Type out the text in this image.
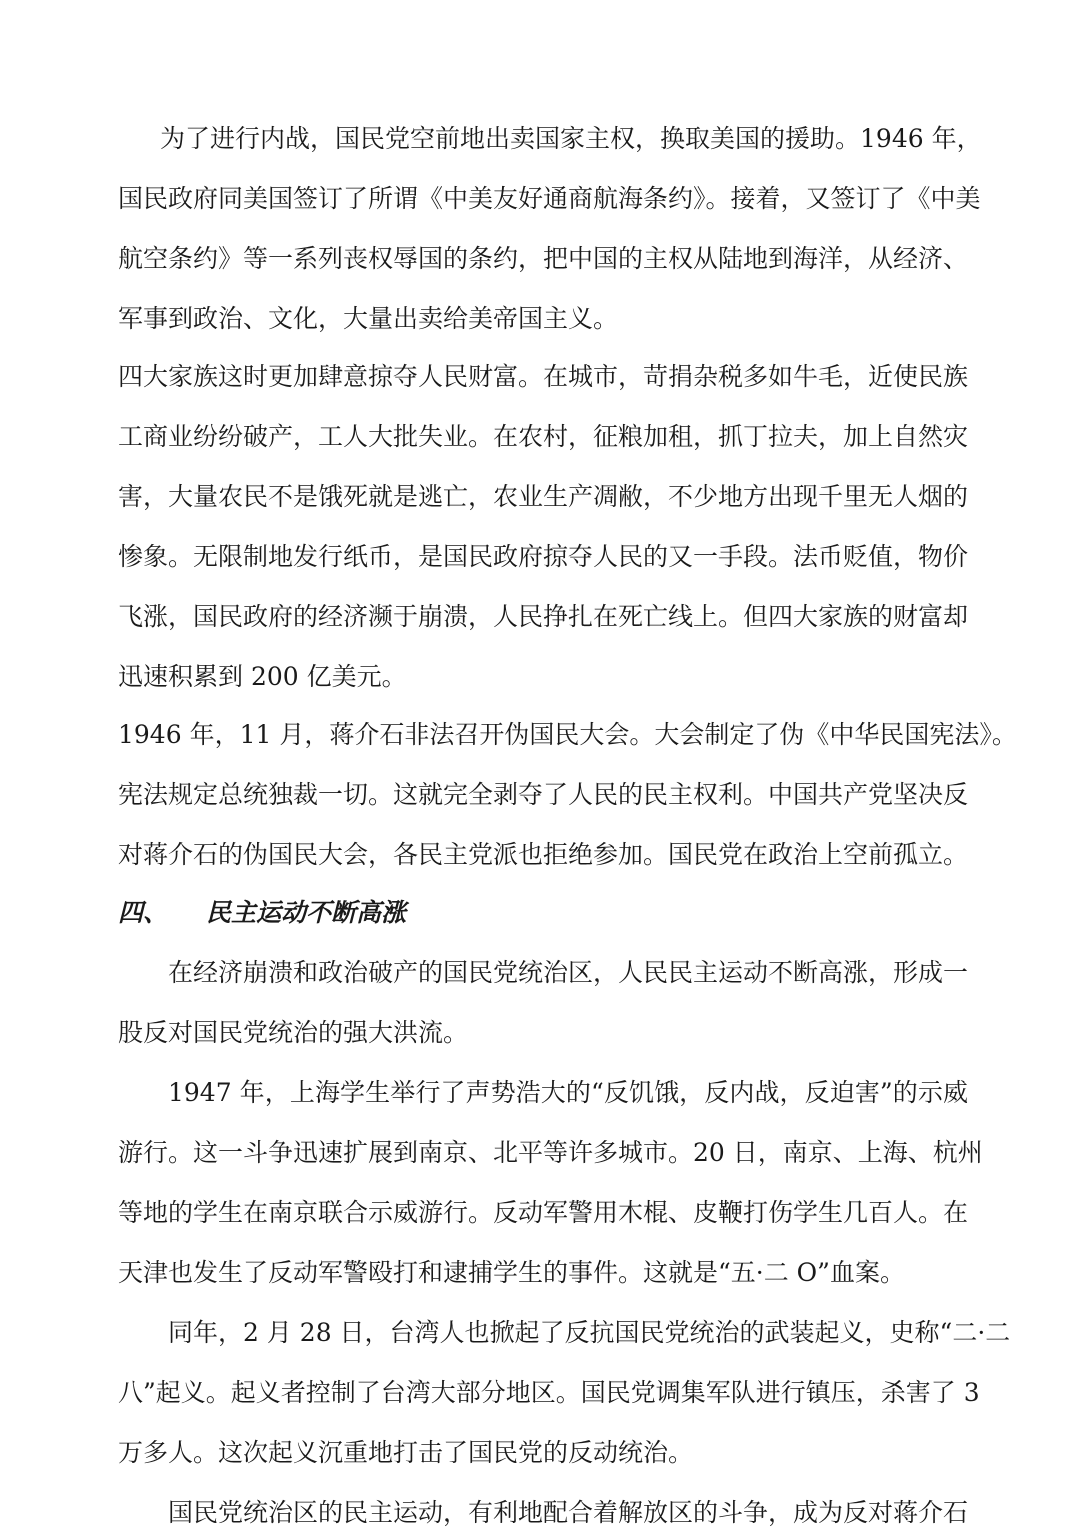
为了进行内战，国民党空前地出卖国家主权，换取美国的援助。1946 年，
国民政府同美国签订了所谓《中美友好通商航海条约》。接着，又签订了《中美
航空条约》等一系列丧权辱国的条约，把中国的主权从陆地到海洋，从经济、
军事到政治、文化，大量出卖给美帝国主义。
四大家族这时更加肆意掠夺人民财富。在城市，苛捐杂税多如牛毛，近使民族
工商业纷纷破产，工人大批失业。在农村，征粮加租，抓丁拉夫，加上自然灾
害，大量农民不是饿死就是逃亡，农业生产凋敝，不少地方出现千里无人烟的
惨象。无限制地发行纸币，是国民政府掠夺人民的又一手段。法币贬值，物价
飞涨，国民政府的经济濒于崩溃，人民挣扎在死亡线上。但四大家族的财富却
迅速积累到 200 亿美元。
1946 年，11 月，蒋介石非法召开伪国民大会。大会制定了伪《中华民国宪法》。
宪法规定总统独裁一切。这就完全剥夺了人民的民主权利。中国共产党坚决反
对蒋介石的伪国民大会，各民主党派也拒绝参加。国民党在政治上空前孤立。
四、 民主运动不断高涨
在经济崩溃和政治破产的国民党统治区，人民民主运动不断高涨，形成一
股反对国民党统治的强大洪流。
1947 年，上海学生举行了声势浩大的“反饥饿，反内战，反迫害”的示威
游行。这一斗争迅速扩展到南京、北平等许多城市。20 日，南京、上海、杭州
等地的学生在南京联合示威游行。反动军警用木棍、皮鞭打伤学生几百人。在
天津也发生了反动军警殴打和逮捕学生的事件。这就是“五·二 O”血案。
同年，2 月 28 日，台湾人也掀起了反抗国民党统治的武装起义，史称“二·二
八”起义。起义者控制了台湾大部分地区。国民党调集军队进行镇压，杀害了 3
万多人。这次起义沉重地打击了国民党的反动统治。
国民党统治区的民主运动，有利地配合着解放区的斗争，成为反对蒋介石
